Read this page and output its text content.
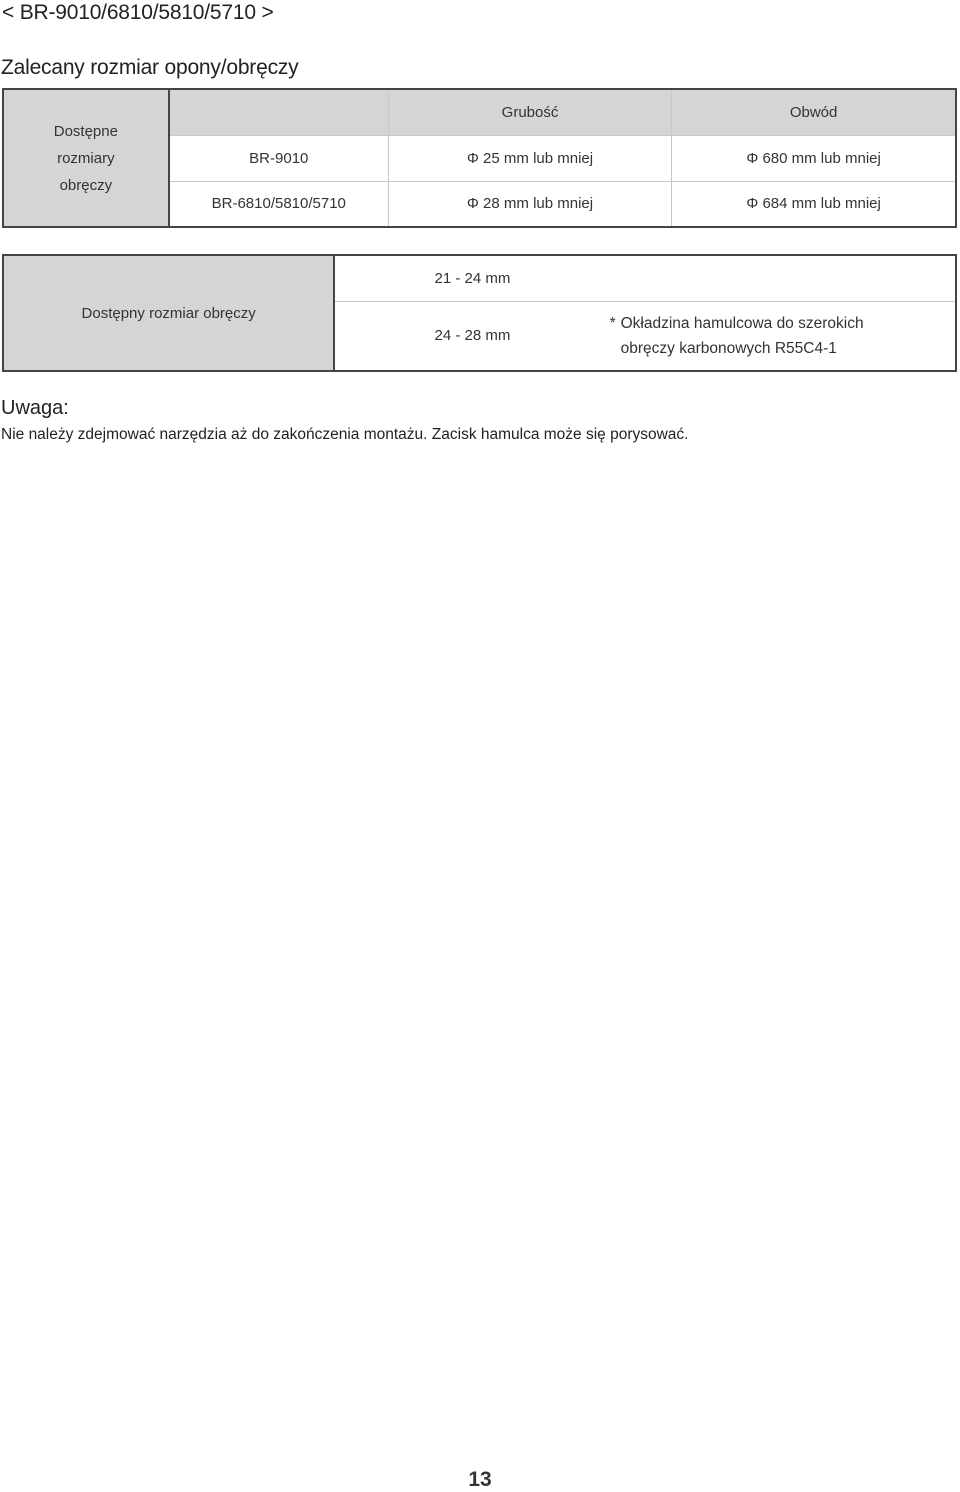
< BR-9010/6810/5810/5710 >
Zalecany rozmiar opony/obręczy
Dostępne
rozmiary
obręczy		Grubość	Obwód
	BR-9010	Φ 25 mm lub mniej	Φ 680 mm lub mniej
	BR-6810/5810/5710	Φ 28 mm lub mniej	Φ 684 mm lub mniej
Dostępny rozmiar obręczy	21 - 24 mm	
	24 - 28 mm	* Okładzina hamulcowa do szerokich
obręczy karbonowych R55C4-1
Uwaga:
Nie należy zdejmować narzędzia aż do zakończenia montażu. Zacisk hamulca może się porysować.
13
